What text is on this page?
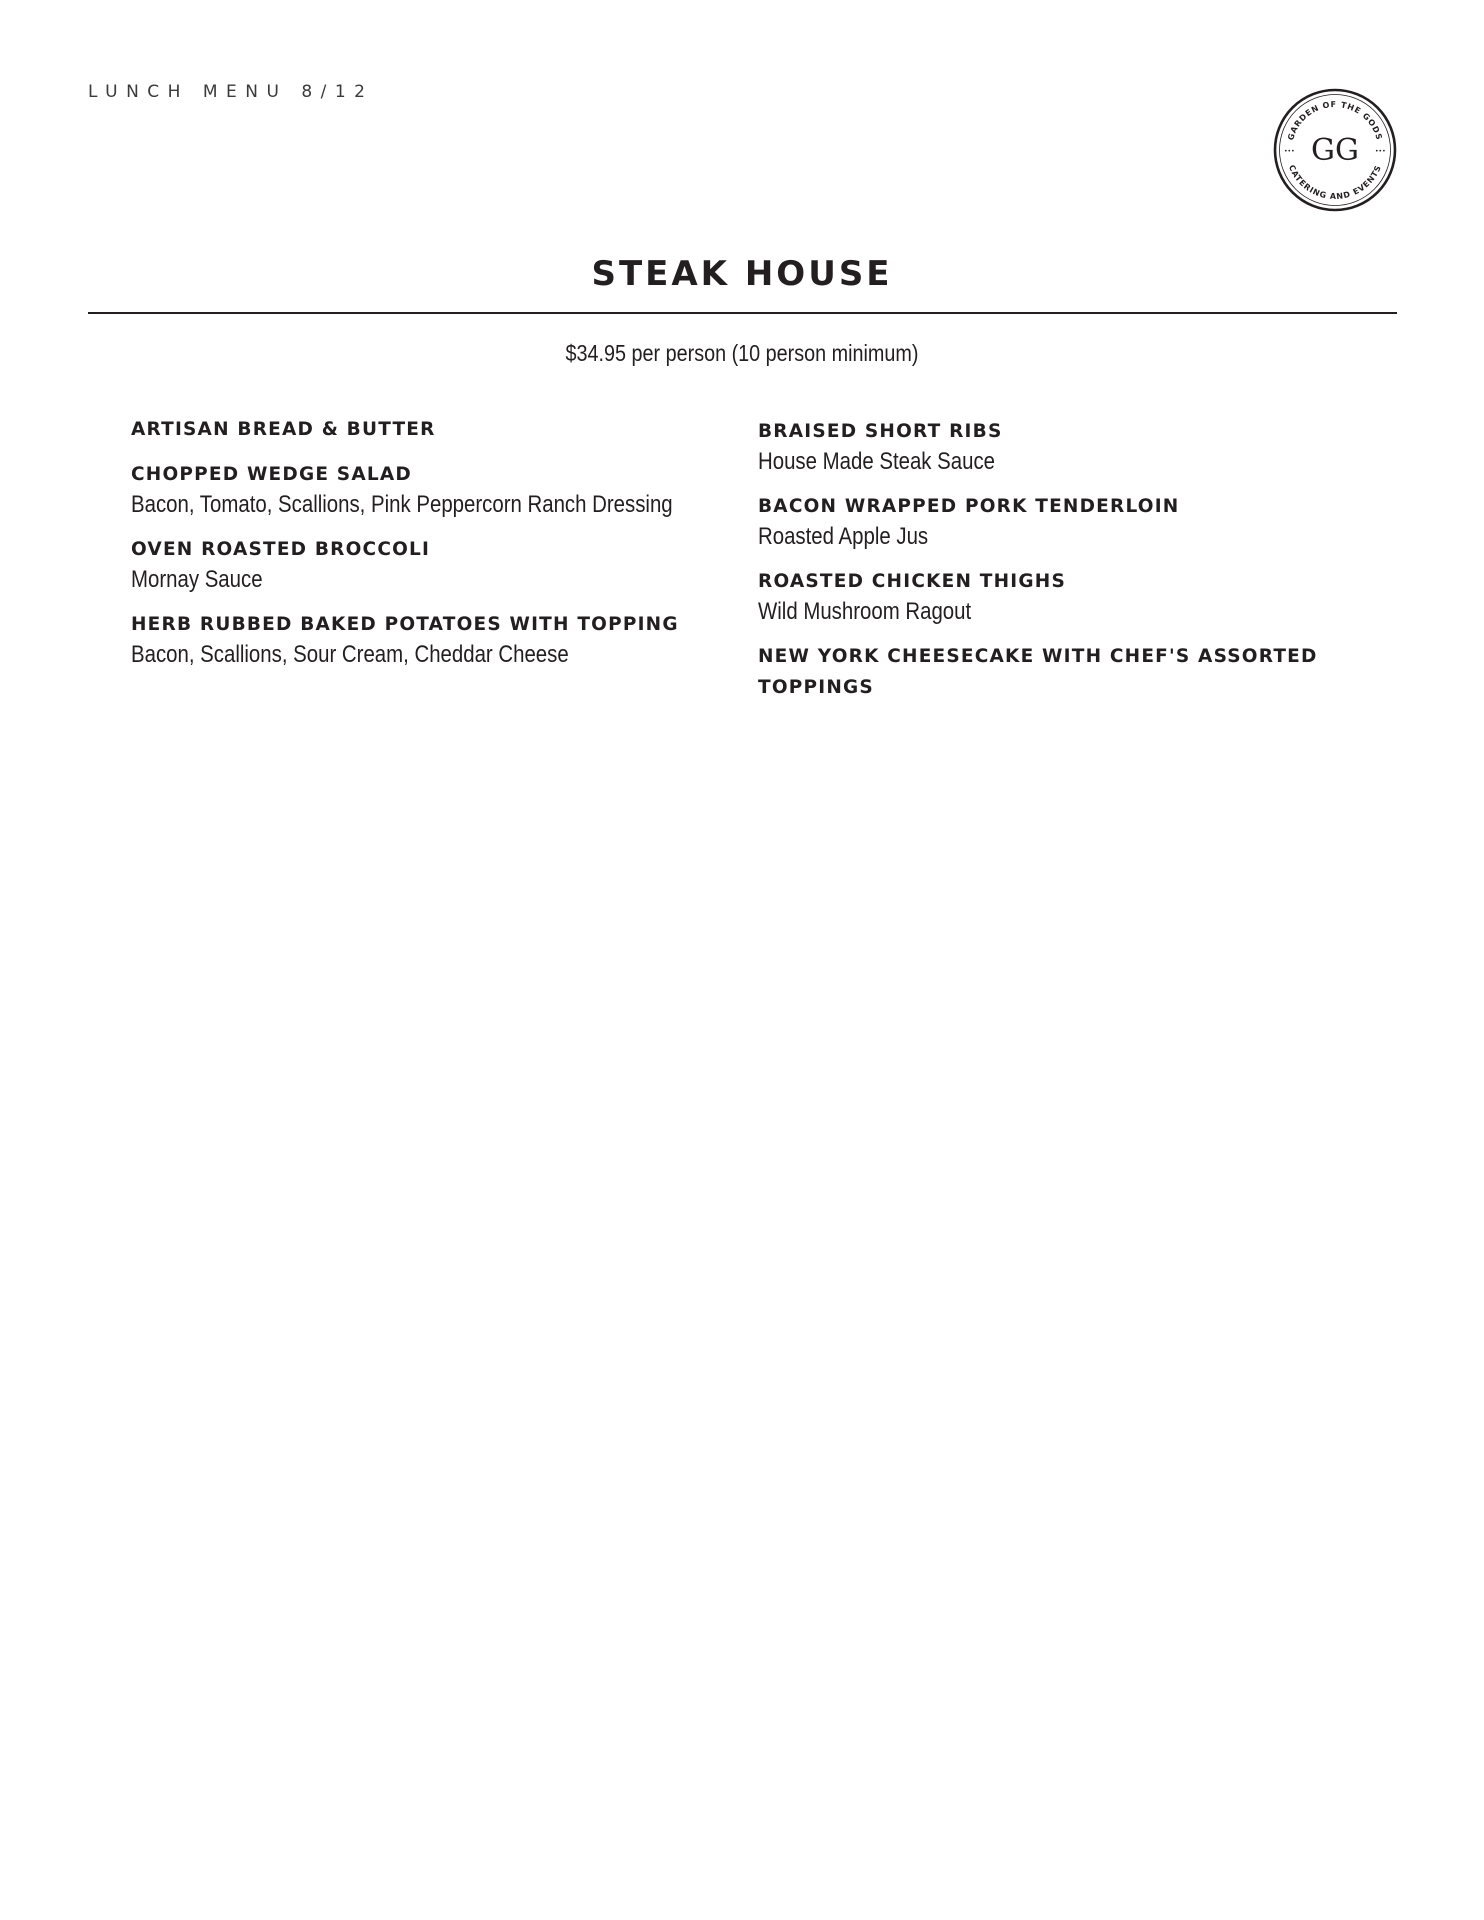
LUNCH MENU 8/12
GARDEN OF THE GODS
CATERING AND EVENTS
•••	•••
GG
STEAK HOUSE
$34.95 per person (10 person minimum)
ARTISAN BREAD & BUTTER
CHOPPED WEDGE SALAD
Bacon, Tomato, Scallions, Pink Peppercorn Ranch Dressing
OVEN ROASTED BROCCOLI
Mornay Sauce
HERB RUBBED BAKED POTATOES WITH TOPPING
Bacon, Scallions, Sour Cream, Cheddar Cheese
BRAISED SHORT RIBS
House Made Steak Sauce
BACON WRAPPED PORK TENDERLOIN
Roasted Apple Jus
ROASTED CHICKEN THIGHS
Wild Mushroom Ragout
NEW YORK CHEESECAKE WITH CHEF'S ASSORTED TOPPINGS
